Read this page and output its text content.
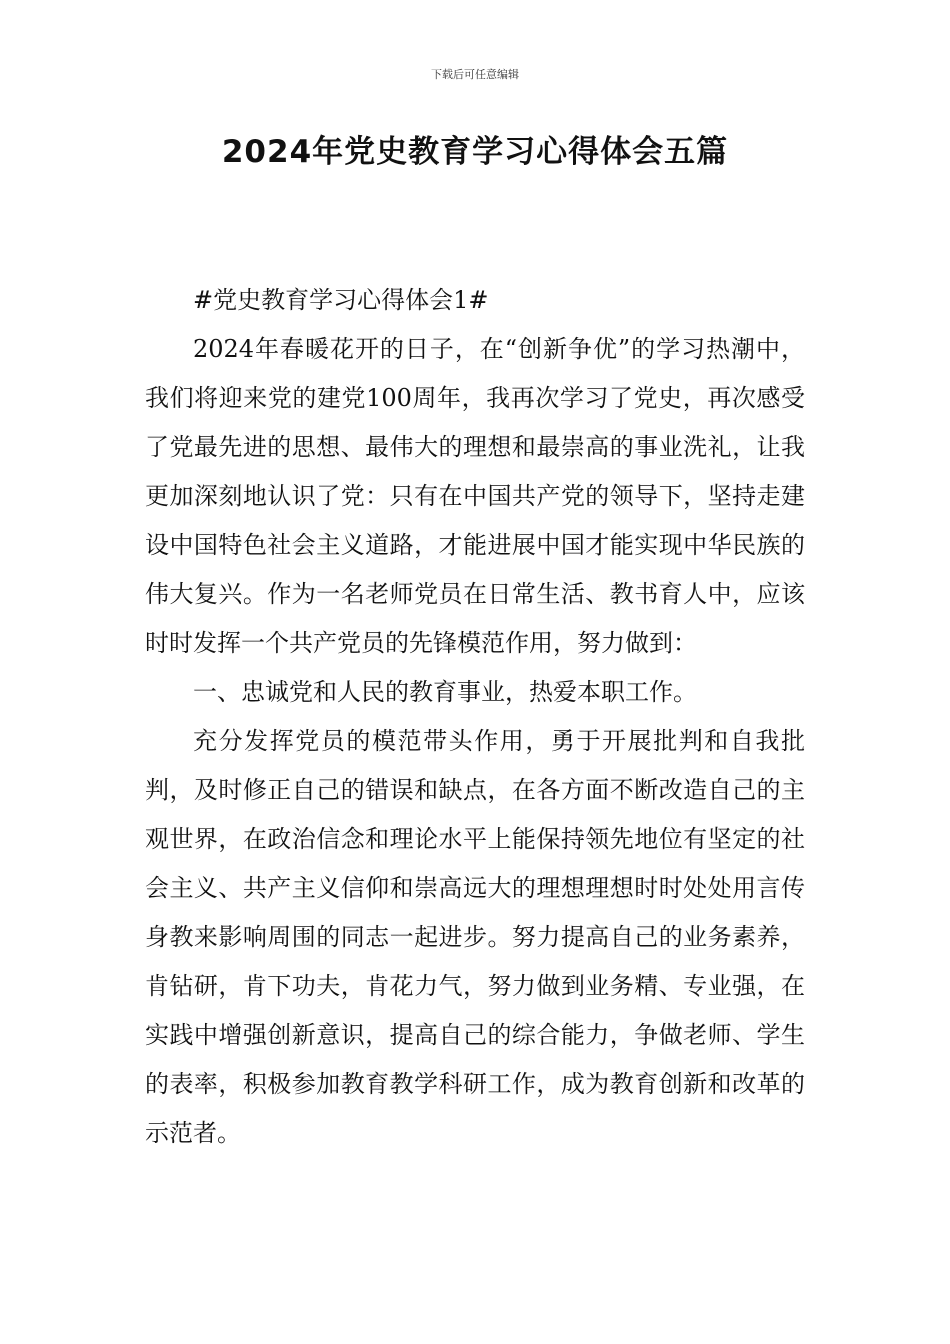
下载后可任意编辑
2024年党史教育学习心得体会五篇

#党史教育学习心得体会1#

2024年春暖花开的日子，在“创新争优”的学习热潮中，我们将迎来党的建党100周年，我再次学习了党史，再次感受了党最先进的思想、最伟大的理想和最崇高的事业洗礼，让我更加深刻地认识了党：只有在中国共产党的领导下，坚持走建设中国特色社会主义道路，才能进展中国才能实现中华民族的伟大复兴。作为一名老师党员在日常生活、教书育人中，应该时时发挥一个共产党员的先锋模范作用，努力做到：

一、忠诚党和人民的教育事业，热爱本职工作。

充分发挥党员的模范带头作用，勇于开展批判和自我批判，及时修正自己的错误和缺点，在各方面不断改造自己的主观世界，在政治信念和理论水平上能保持领先地位有坚定的社会主义、共产主义信仰和崇高远大的理想理想时时处处用言传身教来影响周围的同志一起进步。努力提高自己的业务素养，肯钻研，肯下功夫，肯花力气，努力做到业务精、专业强，在实践中增强创新意识，提高自己的综合能力，争做老师、学生的表率，积极参加教育教学科研工作，成为教育创新和改革的示范者。
